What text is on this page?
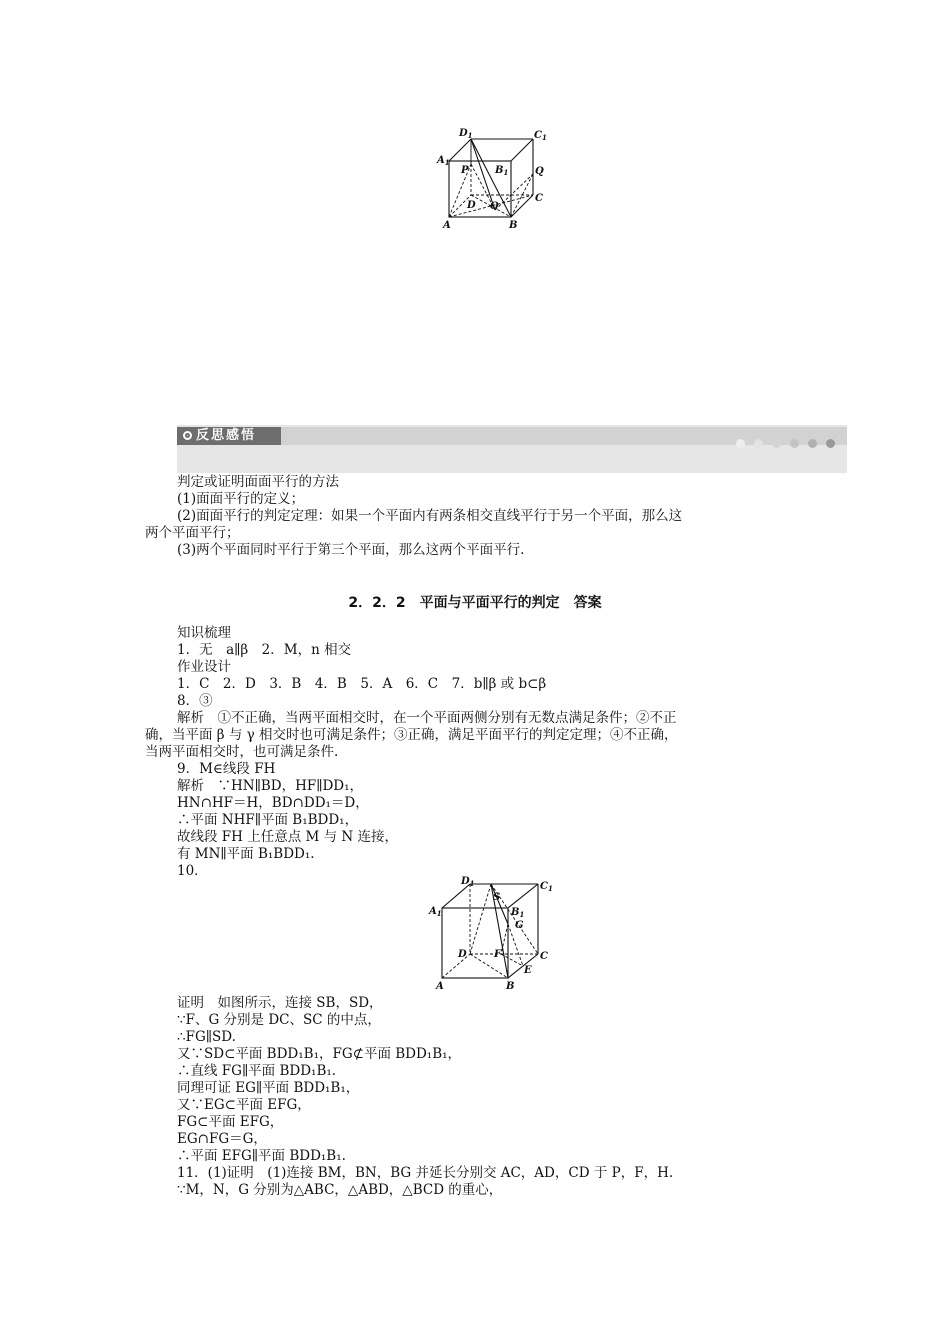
$D_1$	$C_1$
$A_1$
$B_1$
P	Q
D O
C
A	B
反思感悟
判定或证明面面平行的方法
(1)面面平行的定义；
(2)面面平行的判定定理：如果一个平面内有两条相交直线平行于另一个平面，那么这
两个平面平行；
(3)两个平面同时平行于第三个平面，那么这两个平面平行.
2．2．2　平面与平面平行的判定　答案
知识梳理
1．无　a∥β　2．M，n 相交
作业设计
1．C　2．D　3．B　4．B　5．A　6．C　7．b∥β 或 b⊂β
8．③
解析　①不正确，当两平面相交时，在一个平面两侧分别有无数点满足条件；②不正
确，当平面 β 与 γ 相交时也可满足条件；③正确，满足平面平行的判定定理；④不正确，
当两平面相交时，也可满足条件.
9．M∈线段 FH
解析　∵HN∥BD，HF∥DD₁，
HN∩HF＝H，BD∩DD₁＝D，
∴平面 NHF∥平面 B₁BDD₁，
故线段 FH 上任意点 M 与 N 连接，
有 MN∥平面 B₁BDD₁.
10．
$D_1$
S
$C_1$
$A_1$	$B_1$
G
F
D	C
E
A	B
证明　如图所示，连接 SB，SD，
∵F、G 分别是 DC、SC 的中点，
∴FG∥SD.
又∵SD⊂平面 BDD₁B₁，FG⊄平面 BDD₁B₁，
∴直线 FG∥平面 BDD₁B₁.
同理可证 EG∥平面 BDD₁B₁，
又∵EG⊂平面 EFG，
FG⊂平面 EFG，
EG∩FG＝G，
∴平面 EFG∥平面 BDD₁B₁.
11．(1)证明　(1)连接 BM，BN，BG 并延长分别交 AC，AD，CD 于 P，F，H.
∵M，N，G 分别为△ABC，△ABD，△BCD 的重心，
